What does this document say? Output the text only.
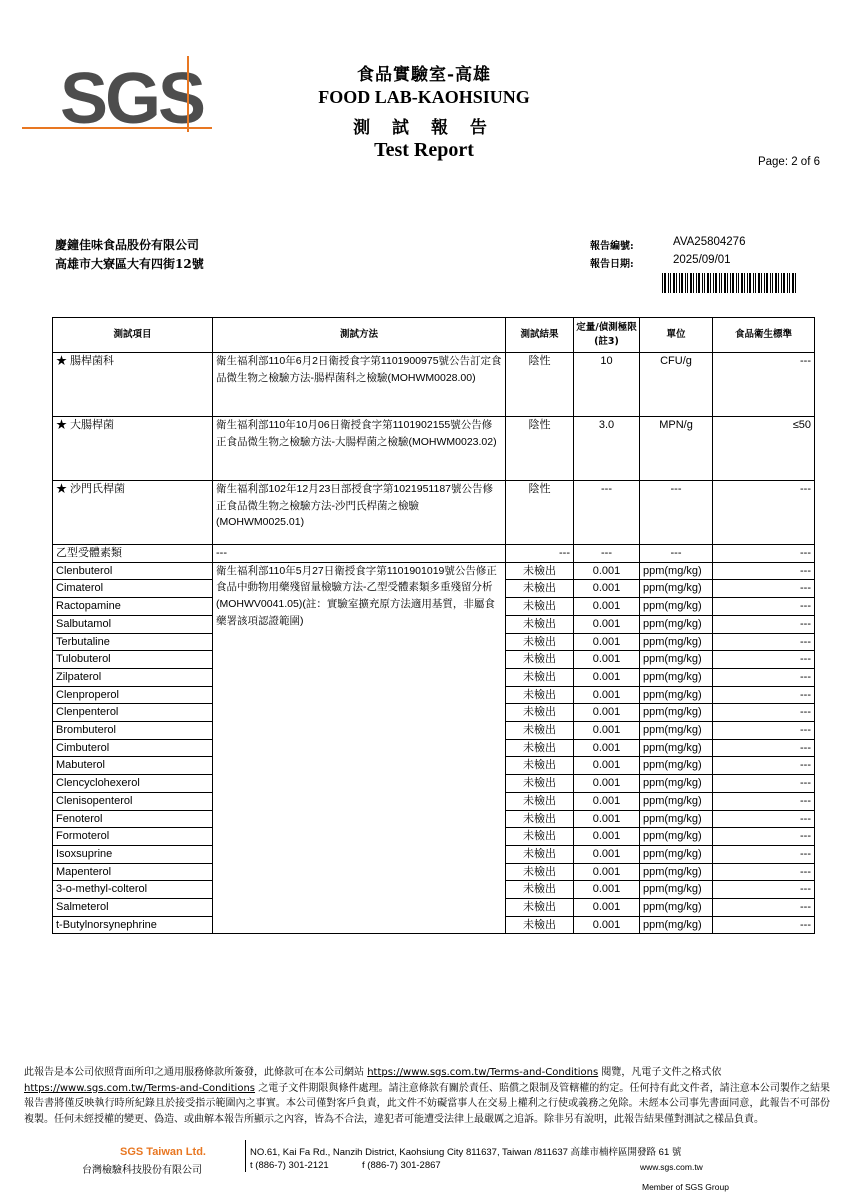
SGS	食品實驗室-高雄
FOOD LAB-KAOHSIUNG
測 試 報 告
Test Report
Page: 2 of 6
慶鐘佳味食品股份有限公司
高雄市大寮區大有四街12號
報告編號:	AVA25804276
報告日期:	2025/09/01
測試項目	測試方法	測試結果	定量/偵測極限(註3)	單位	食品衛生標準
★ 腸桿菌科	衛生福利部110年6月2日衛授食字第1101900975號公告訂定食品微生物之檢驗方法-腸桿菌科之檢驗(MOHWM0028.00)	陰性	10	CFU/g	---
★ 大腸桿菌	衛生福利部110年10月06日衛授食字第1101902155號公告修正食品微生物之檢驗方法-大腸桿菌之檢驗(MOHWM0023.02)	陰性	3.0	MPN/g	≤50
★ 沙門氏桿菌	衛生福利部102年12月23日部授食字第1021951187號公告修正食品微生物之檢驗方法-沙門氏桿菌之檢驗(MOHWM0025.01)	陰性	---	---	---
乙型受體素類	---	---	---	---	---
Clenbuterol	衛生福利部110年5月27日衛授食字第1101901019號公告修正食品中動物用藥殘留量檢驗方法-乙型受體素類多重殘留分析(MOHWV0041.05)(註：實驗室擴充原方法適用基質，非屬食藥署該項認證範圍)	未檢出	0.001	ppm(mg/kg)	---
Cimaterol		未檢出	0.001	ppm(mg/kg)	---
Ractopamine		未檢出	0.001	ppm(mg/kg)	---
Salbutamol		未檢出	0.001	ppm(mg/kg)	---
Terbutaline		未檢出	0.001	ppm(mg/kg)	---
Tulobuterol		未檢出	0.001	ppm(mg/kg)	---
Zilpaterol		未檢出	0.001	ppm(mg/kg)	---
Clenproperol		未檢出	0.001	ppm(mg/kg)	---
Clenpenterol		未檢出	0.001	ppm(mg/kg)	---
Brombuterol		未檢出	0.001	ppm(mg/kg)	---
Cimbuterol		未檢出	0.001	ppm(mg/kg)	---
Mabuterol		未檢出	0.001	ppm(mg/kg)	---
Clencyclohexerol		未檢出	0.001	ppm(mg/kg)	---
Clenisopenterol		未檢出	0.001	ppm(mg/kg)	---
Fenoterol		未檢出	0.001	ppm(mg/kg)	---
Formoterol		未檢出	0.001	ppm(mg/kg)	---
Isoxsuprine		未檢出	0.001	ppm(mg/kg)	---
Mapenterol		未檢出	0.001	ppm(mg/kg)	---
3-o-methyl-colterol		未檢出	0.001	ppm(mg/kg)	---
Salmeterol		未檢出	0.001	ppm(mg/kg)	---
t-Butylnorsynephrine		未檢出	0.001	ppm(mg/kg)	---
此報告是本公司依照背面所印之通用服務條款所簽發，此條款可在本公司網站 https://www.sgs.com.tw/Terms-and-Conditions 閱覽，凡電子文件之格式依
https://www.sgs.com.tw/Terms-and-Conditions 之電子文件期限與條件處理。請注意條款有關於責任、賠償之限制及管轄權的約定。任何持有此文件者，請注意本公司製作之結果報告書將僅反映執行時所紀錄且於接受指示範圍內之事實。本公司僅對客戶負責，此文件不妨礙當事人在交易上權利之行使或義務之免除。未經本公司事先書面同意，此報告不可部份複製。任何未經授權的變更、偽造、或曲解本報告所顯示之內容，皆為不合法，違犯者可能遭受法律上最嚴厲之追訴。除非另有說明，此報告結果僅對測試之樣品負責。
SGS Taiwan Ltd.
台灣檢驗科技股份有限公司
NO.61, Kai Fa Rd., Nanzih District, Kaohsiung City 811637, Taiwan /811637 高雄市楠梓區開發路 61 號
t (886-7) 301-2121	f (886-7) 301-2867	www.sgs.com.tw
Member of SGS Group
